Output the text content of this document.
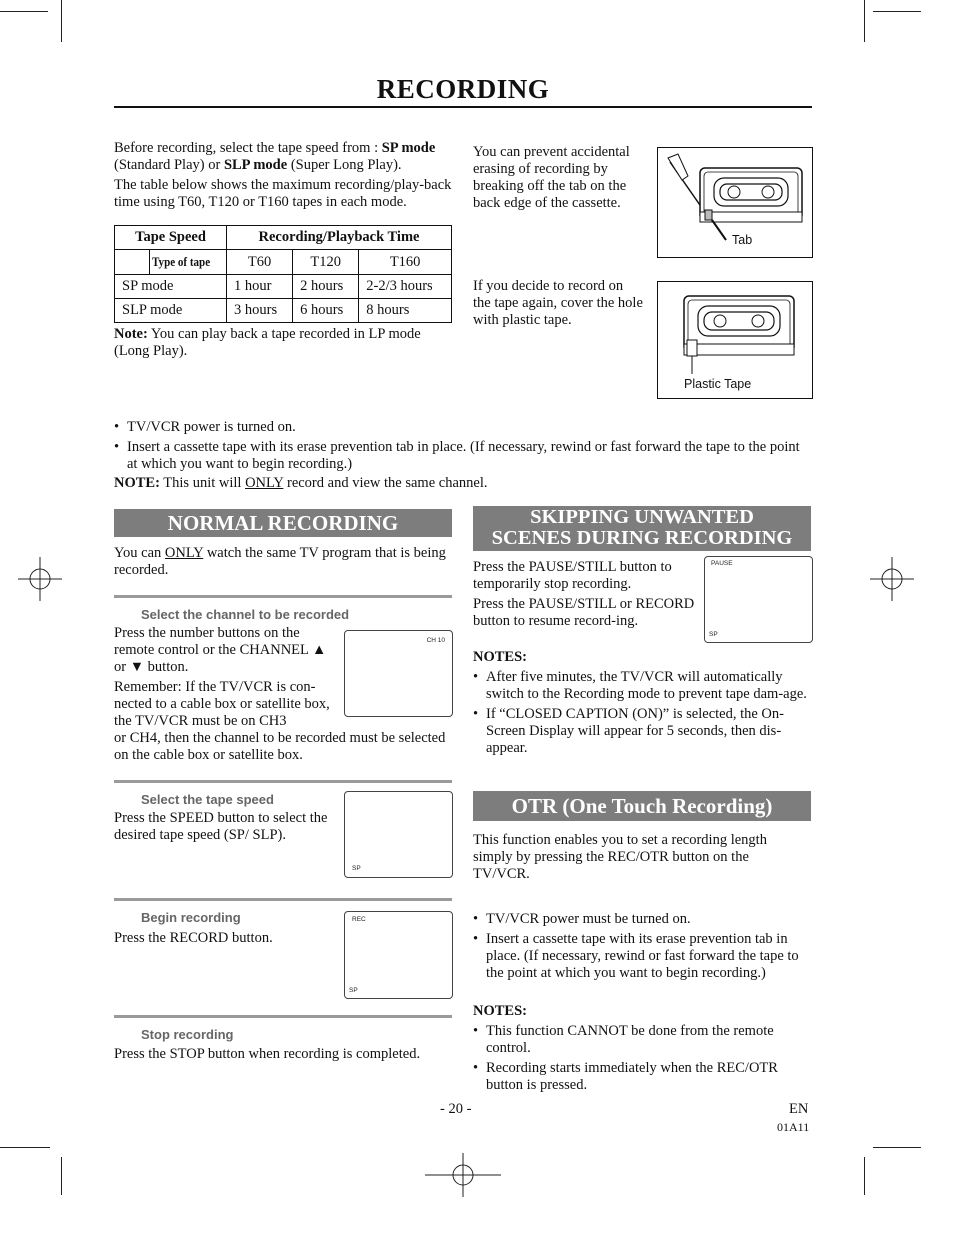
RECORDING

Before recording, select the tape speed from : SP mode
(Standard Play) or SLP mode (Super Long Play).

The table below shows the maximum recording/play-back time using T60, T120 or T160 tapes in each mode.

Tape Speed		Recording/Playback Time		
	Type of tape	T60	T120	T160
SP mode		1 hour	2 hours	2-2/3 hours
SLP mode		3 hours	6 hours	8 hours
Note: You can play back a tape recorded in LP mode (Long Play).

You can prevent accidental erasing of recording by breaking off the tab on the back edge of the cassette.

Tab

If you decide to record on the tape again, cover the hole with plastic tape.

Plastic Tape
• TV/VCR power is turned on.
• Insert a cassette tape with its erase prevention tab in place. (If necessary, rewind or fast forward the tape to the point at which you want to begin recording.)
NOTE: This unit will ONLY record and view the same channel.
NORMAL RECORDING

You can ONLY watch the same TV program that is being recorded.

Select the channel to be recorded

Press the number buttons on the remote control or the CHANNEL ▲ or ▼ button.

Remember: If the TV/VCR is con-nected to a cable box or satellite box, the TV/VCR must be on CH3

or CH4, then the channel to be recorded must be selected on the cable box or satellite box.

CH 10
Select the tape speed

Press the SPEED button to select the desired tape speed (SP/ SLP).

SP
Begin recording

Press the RECORD button.

REC
SP
Stop recording

Press the STOP button when recording is completed.

SKIPPING UNWANTED
SCENES DURING RECORDING

Press the PAUSE/STILL button to temporarily stop recording.

Press the PAUSE/STILL or RECORD button to resume record-ing.

PAUSE
SP
NOTES:
• After five minutes, the TV/VCR will automatically switch to the Recording mode to prevent tape dam-age.
• If “CLOSED CAPTION (ON)” is selected, the On-Screen Display will appear for 5 seconds, then dis-appear.
OTR (One Touch Recording)

This function enables you to set a recording length simply by pressing the REC/OTR button on the TV/VCR.

• TV/VCR power must be turned on.
• Insert a cassette tape with its erase prevention tab in place. (If necessary, rewind or fast forward the tape to the point at which you want to begin recording.)
NOTES:
• This function CANNOT be done from the remote control.
• Recording starts immediately when the REC/OTR button is pressed.
- 20 -	EN
01A11
